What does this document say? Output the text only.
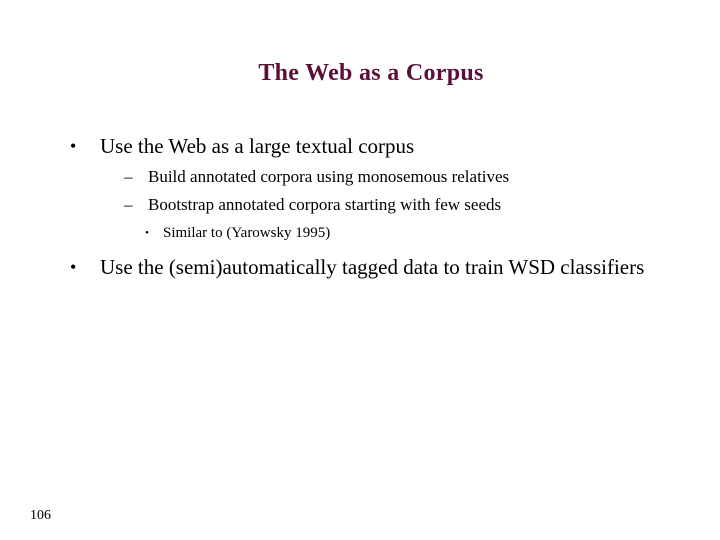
The Web as a Corpus
•	Use the Web as a large textual corpus
– Build annotated corpora using monosemous relatives
– Bootstrap annotated corpora starting with few seeds
• Similar to (Yarowsky 1995)
•	Use the (semi)automatically tagged data to train WSD classifiers
106
